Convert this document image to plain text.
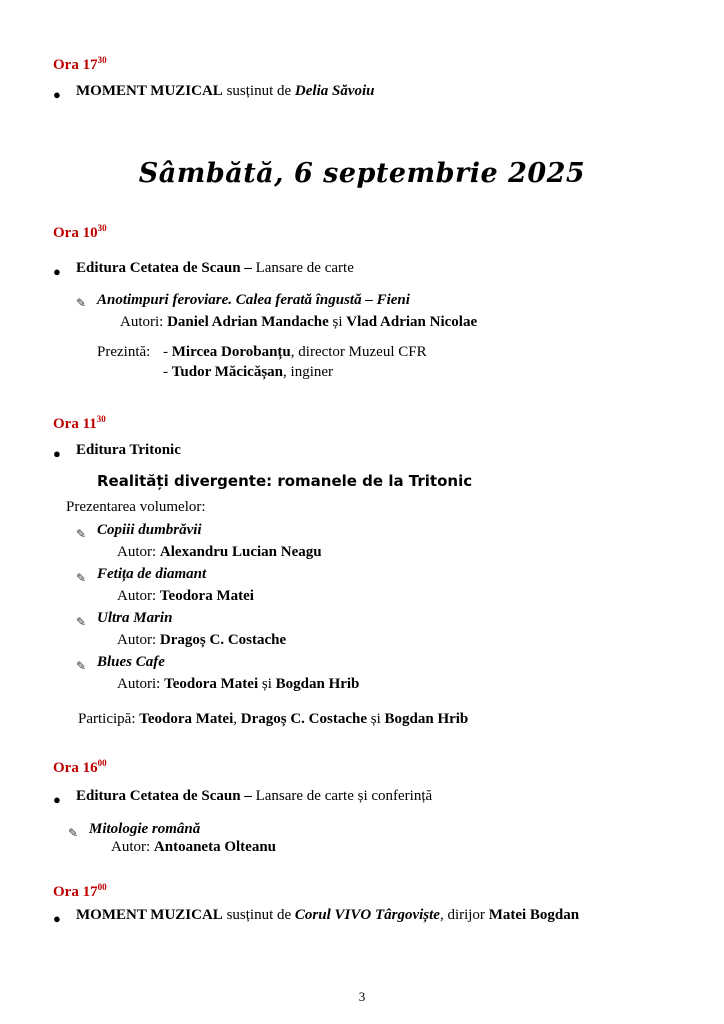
Ora $17^{30}$
● MOMENT MUZICAL susținut de Delia Săvoiu
Sâmbătă, 6 septembrie 2025
Ora $10^{30}$
● Editura Cetatea de Scaun – Lansare de carte
✎ Anotimpuri feroviare. Calea ferată îngustă – Fieni
Autori: Daniel Adrian Mandache și Vlad Adrian Nicolae
Prezintă: - Mircea Dorobanțu, director Muzeul CFR
- Tudor Măcicășan, inginer
Ora $11^{30}$
● Editura Tritonic
Realități divergente: romanele de la Tritonic
Prezentarea volumelor:
✎ Copiii dumbrăvii
Autor: Alexandru Lucian Neagu
✎ Fetița de diamant
Autor: Teodora Matei
✎ Ultra Marin
Autor: Dragoș C. Costache
✎ Blues Cafe
Autori: Teodora Matei și Bogdan Hrib
Participă: Teodora Matei, Dragoș C. Costache și Bogdan Hrib
Ora $16^{00}$
● Editura Cetatea de Scaun – Lansare de carte și conferință
✎ Mitologie română
Autor: Antoaneta Olteanu
Ora $17^{00}$
● MOMENT MUZICAL susținut de Corul VIVO Târgoviște, dirijor Matei Bogdan
3
